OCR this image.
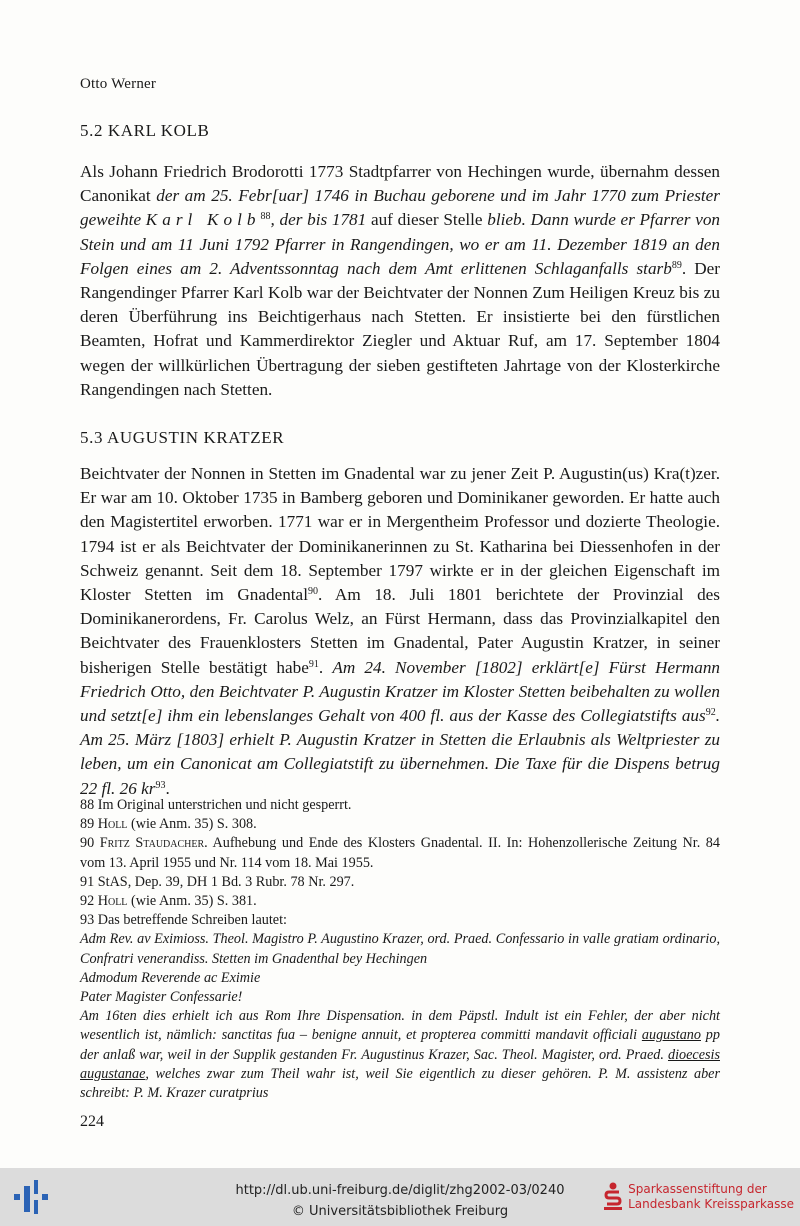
Otto Werner
5.2 KARL KOLB
Als Johann Friedrich Brodorotti 1773 Stadtpfarrer von Hechingen wurde, übernahm dessen Canonikat der am 25. Febr[uar] 1746 in Buchau geborene und im Jahr 1770 zum Priester geweihte Karl Kolb$^{88}$, der bis 1781 auf dieser Stelle blieb. Dann wurde er Pfarrer von Stein und am 11 Juni 1792 Pfarrer in Rangendingen, wo er am 11. Dezember 1819 an den Folgen eines am 2. Adventssonntag nach dem Amt erlittenen Schlaganfalls starb$^{89}$. Der Rangendinger Pfarrer Karl Kolb war der Beichtvater der Nonnen Zum Heiligen Kreuz bis zu deren Überführung ins Beichtigerhaus nach Stetten. Er insistierte bei den fürstlichen Beamten, Hofrat und Kammerdirektor Ziegler und Aktuar Ruf, am 17. September 1804 wegen der willkürlichen Übertragung der sieben gestifteten Jahrtage von der Klosterkirche Rangendingen nach Stetten.
5.3 AUGUSTIN KRATZER
Beichtvater der Nonnen in Stetten im Gnadental war zu jener Zeit P. Augustin(us) Kra(t)zer. Er war am 10. Oktober 1735 in Bamberg geboren und Dominikaner geworden. Er hatte auch den Magistertitel erworben. 1771 war er in Mergentheim Professor und dozierte Theologie. 1794 ist er als Beichtvater der Dominikanerinnen zu St. Katharina bei Diessenhofen in der Schweiz genannt. Seit dem 18. September 1797 wirkte er in der gleichen Eigenschaft im Kloster Stetten im Gnadental$^{90}$. Am 18. Juli 1801 berichtete der Provinzial des Dominikanerordens, Fr. Carolus Welz, an Fürst Hermann, dass das Provinzialkapitel den Beichtvater des Frauenklosters Stetten im Gnadental, Pater Augustin Kratzer, in seiner bisherigen Stelle bestätigt habe$^{91}$. Am 24. November [1802] erklärt[e] Fürst Hermann Friedrich Otto, den Beichtvater P. Augustin Kratzer im Kloster Stetten beibehalten zu wollen und setzt[e] ihm ein lebenslanges Gehalt von 400 fl. aus der Kasse des Collegiatstifts aus$^{92}$. Am 25. März [1803] erhielt P. Augustin Kratzer in Stetten die Erlaubnis als Weltpriester zu leben, um ein Canonicat am Collegiatstift zu übernehmen. Die Taxe für die Dispens betrug 22 fl. 26 $kr^{93}$.
88 Im Original unterstrichen und nicht gesperrt.
89 Holl (wie Anm. 35) S. 308.
90 Fritz Staudacher. Aufhebung und Ende des Klosters Gnadental. II. In: Hohenzollerische Zeitung Nr. 84 vom 13. April 1955 und Nr. 114 vom 18. Mai 1955.
91 StAS, Dep. 39, DH 1 Bd. 3 Rubr. 78 Nr. 297.
92 Holl (wie Anm. 35) S. 381.
93 Das betreffende Schreiben lautet:
Adm Rev. av Eximioss. Theol. Magistro P. Augustino Krazer, ord. Praed. Confessario in valle gratiam ordinario, Confratri venerandiss. Stetten im Gnadenthal bey Hechingen
Admodum Reverende ac Eximie
Pater Magister Confessarie!
Am 16ten dies erhielt ich aus Rom Ihre Dispensation. in dem Päpstl. Indult ist ein Fehler, der aber nicht wesentlich ist, nämlich: sanctitas fua – benigne annuit, et propterea committi mandavit officiali augustano pp der anlaß war, weil in der Supplik gestanden Fr. Augustinus Krazer, Sac. Theol. Magister, ord. Praed. dioecesis augustanae, welches zwar zum Theil wahr ist, weil Sie eigentlich zu dieser gehören. P. M. assistenz aber schreibt: P. M. Krazer curatprius
224
http://dl.ub.uni-freiburg.de/diglit/zhg2002-03/0240
© Universitätsbibliothek Freiburg
Sparkassenstiftung der
Landesbank Kreissparkasse
